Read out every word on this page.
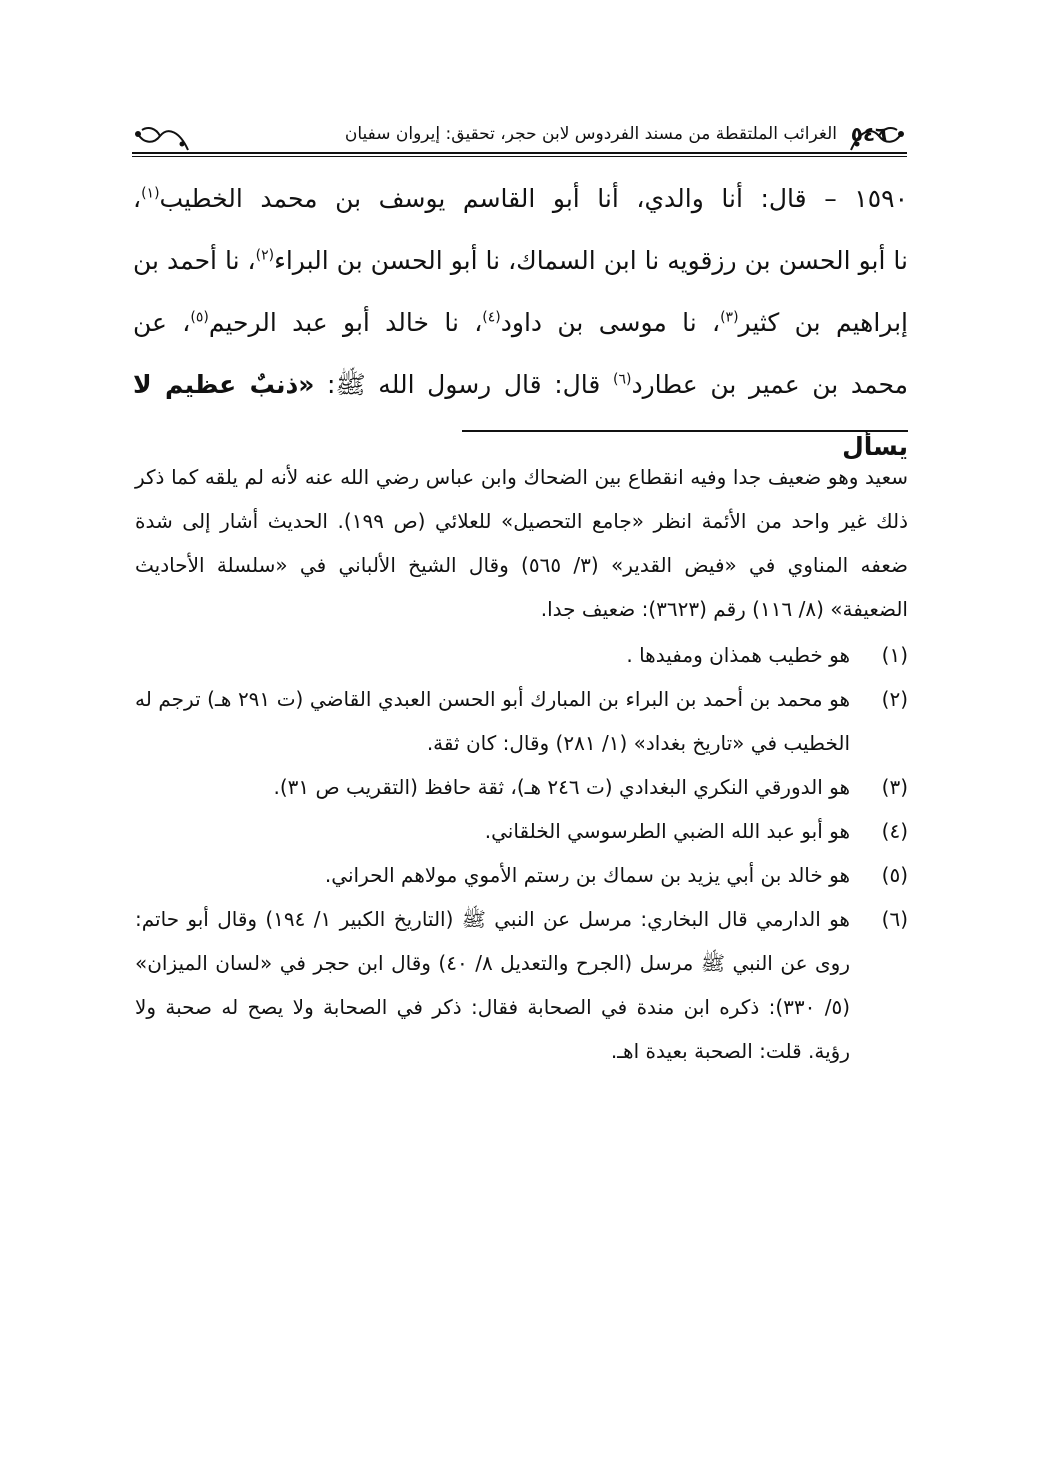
٥٤٦
الغرائب الملتقطة من مسند الفردوس لابن حجر، تحقيق: إيروان سفيان
١٥٩٠ – قال: أنا والدي، أنا أبو القاسم يوسف بن محمد الخطيب$^{(١)}$،
نا أبو الحسن بن رزقويه نا ابن السماك، نا أبو الحسن بن البراء$^{(٢)}$، نا أحمد بن
إبراهيم بن كثير$^{(٣)}$، نا موسى بن داود$^{(٤)}$، نا خالد أبو عبد الرحيم$^{(٥)}$، عن
محمد بن عمير بن عطارد$^{(٦)}$ قال: قال رسول الله ﷺ: «ذنبٌ عظيم لا يسأل

سعيد وهو ضعيف جدا وفيه انقطاع بين الضحاك وابن عباس رضي الله عنه لأنه لم يلقه كما ذكر ذلك غير واحد من الأئمة انظر «جامع التحصيل» للعلائي (ص ١٩٩). الحديث أشار إلى شدة ضعفه المناوي في «فيض القدير» (٣/ ٥٦٥) وقال الشيخ الألباني في «سلسلة الأحاديث الضعيفة» (٨/ ١١٦) رقم (٣٦٢٣): ضعيف جدا.

(١)
هو خطيب همذان ومفيدها .

(٢)
هو محمد بن أحمد بن البراء بن المبارك أبو الحسن العبدي القاضي (ت ٢٩١ هـ) ترجم له الخطيب في «تاريخ بغداد» (١/ ٢٨١) وقال: كان ثقة.

(٣)
هو الدورقي النكري البغدادي (ت ٢٤٦ هـ)، ثقة حافظ (التقريب ص ٣١).

(٤)
هو أبو عبد الله الضبي الطرسوسي الخلقاني.

(٥)
هو خالد بن أبي يزيد بن سماك بن رستم الأموي مولاهم الحراني.

(٦)
هو الدارمي قال البخاري: مرسل عن النبي ﷺ (التاريخ الكبير ١/ ١٩٤) وقال أبو حاتم: روى عن النبي ﷺ مرسل (الجرح والتعديل ٨/ ٤٠) وقال ابن حجر في «لسان الميزان» (٥/ ٣٣٠): ذكره ابن مندة في الصحابة فقال: ذكر في الصحابة ولا يصح له صحبة ولا رؤية. قلت: الصحبة بعيدة اهـ.
